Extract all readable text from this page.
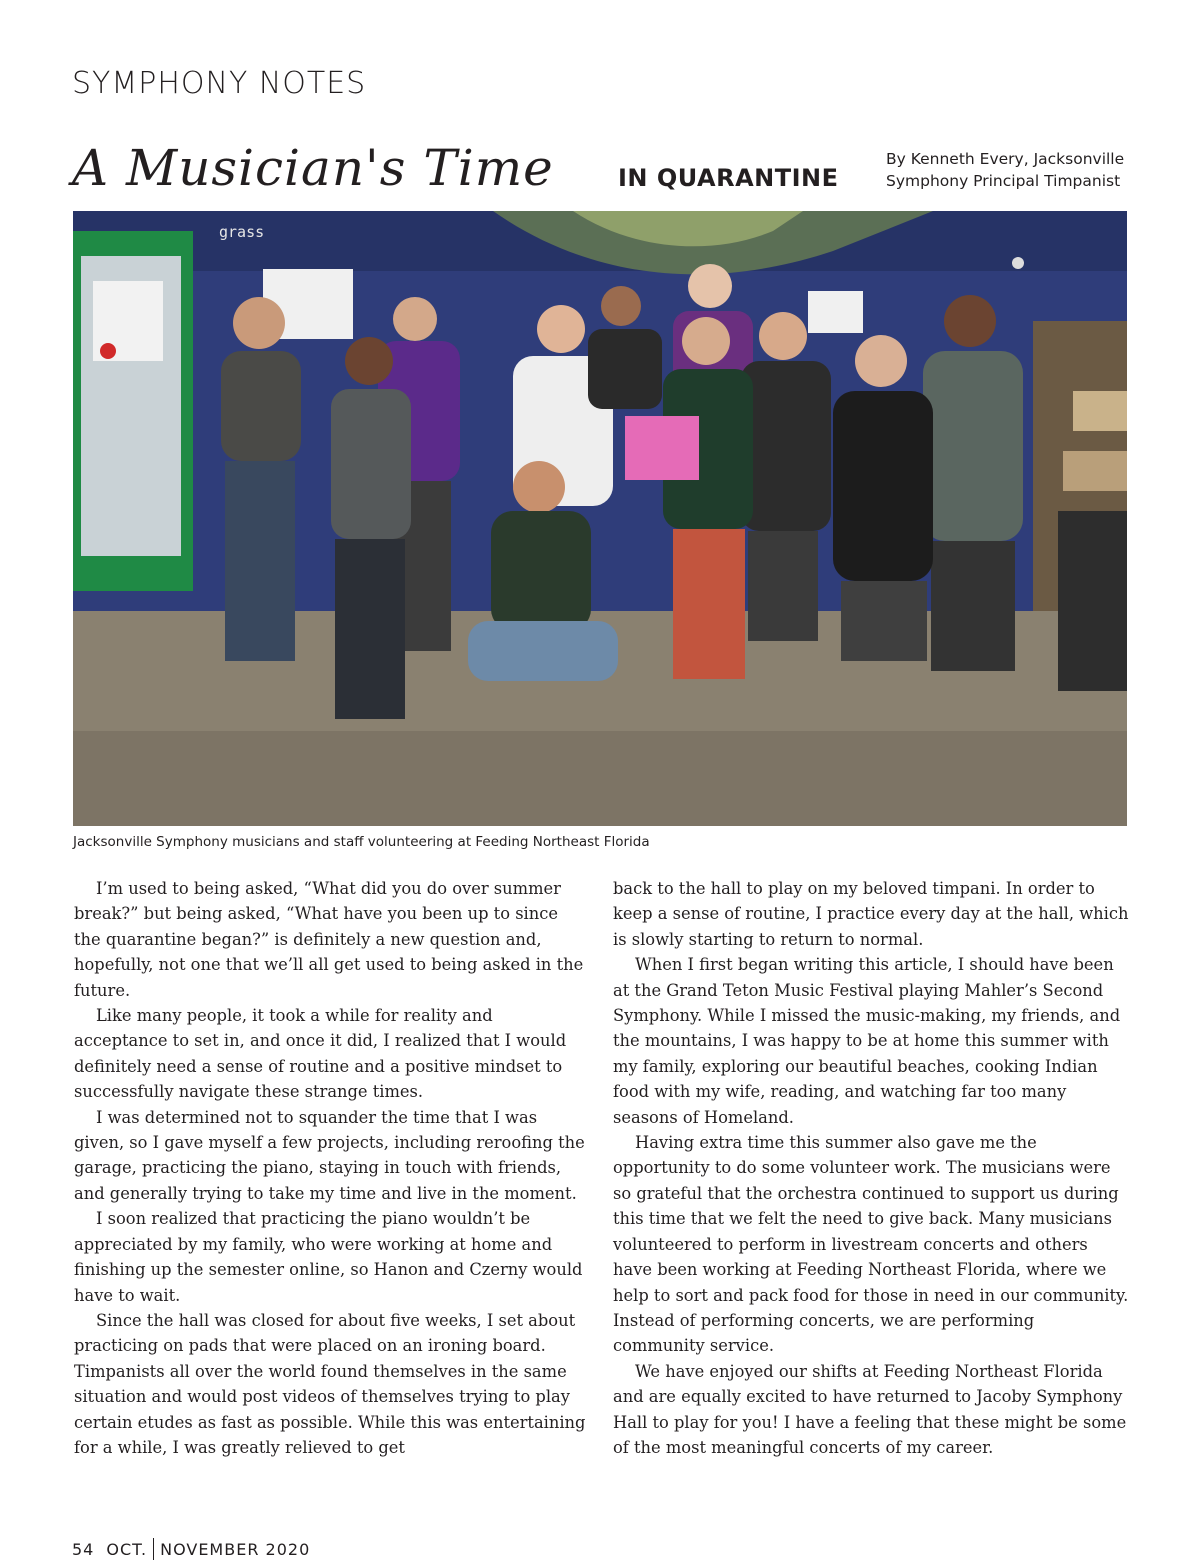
SYMPHONY NOTES
A Musician's Time	IN QUARANTINE
By Kenneth Every, Jacksonville
Symphony Principal Timpanist
grass
Jacksonville Symphony musicians and staff volunteering at Feeding Northeast Florida

I’m used to being asked, “What did you do over summer break?” but being asked, “What have you been up to since the quarantine began?” is definitely a new question and, hopefully, not one that we’ll all get used to being asked in the future.

Like many people, it took a while for reality and acceptance to set in, and once it did, I realized that I would definitely need a sense of routine and a positive mindset to successfully navigate these strange times.

I was determined not to squander the time that I was given, so I gave myself a few projects, including reroofing the garage, practicing the piano, staying in touch with friends, and generally trying to take my time and live in the moment.

I soon realized that practicing the piano wouldn’t be appreciated by my family, who were working at home and finishing up the semester online, so Hanon and Czerny would have to wait.

Since the hall was closed for about five weeks, I set about practicing on pads that were placed on an ironing board. Timpanists all over the world found themselves in the same situation and would post videos of themselves trying to play certain etudes as fast as possible. While this was entertaining for a while, I was greatly relieved to get

back to the hall to play on my beloved timpani. In order to keep a sense of routine, I practice every day at the hall, which is slowly starting to return to normal.

When I first began writing this article, I should have been at the Grand Teton Music Festival playing Mahler’s Second Symphony. While I missed the music-making, my friends, and the mountains, I was happy to be at home this summer with my family, exploring our beautiful beaches, cooking Indian food with my wife, reading, and watching far too many seasons of Homeland.

Having extra time this summer also gave me the opportunity to do some volunteer work. The musicians were so grateful that the orchestra continued to support us during this time that we felt the need to give back. Many musicians volunteered to perform in livestream concerts and others have been working at Feeding Northeast Florida, where we help to sort and pack food for those in need in our community. Instead of performing concerts, we are performing community service.

We have enjoyed our shifts at Feeding Northeast Florida and are equally excited to have returned to Jacoby Symphony Hall to play for you! I have a feeling that these might be some of the most meaningful concerts of my career.

54 OCT. NOVEMBER 2020
